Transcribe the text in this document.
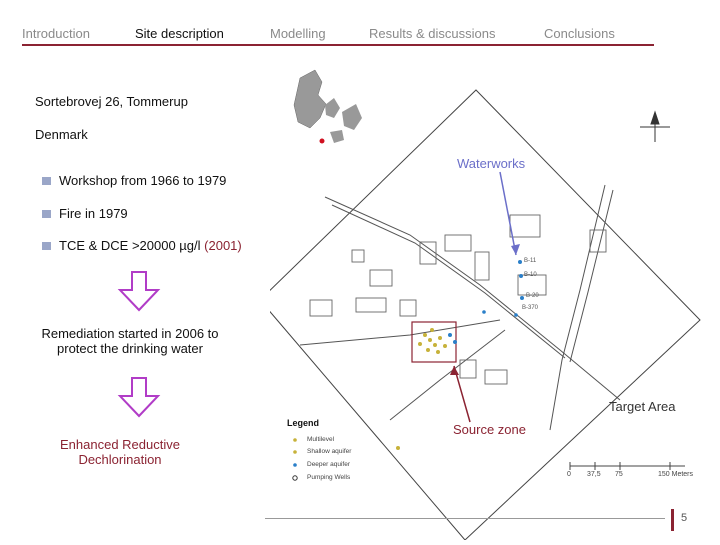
Introduction	Site description	Modelling	Results & discussions	Conclusions
Sortebrovej 26, Tommerup
Denmark
Workshop from 1966 to 1979
Fire in 1979
TCE & DCE >20000 µg/l (2001)
Remediation started in 2006 to
protect the drinking water
Enhanced Reductive
Dechlorination
Waterworks
Target Area
Source zone
B-11
B-10
B-20
B-370
Legend
Multilevel
Shallow aquifer
Deeper aquifer
Pumping Wells	0 37,5 75	150 Meters
5
